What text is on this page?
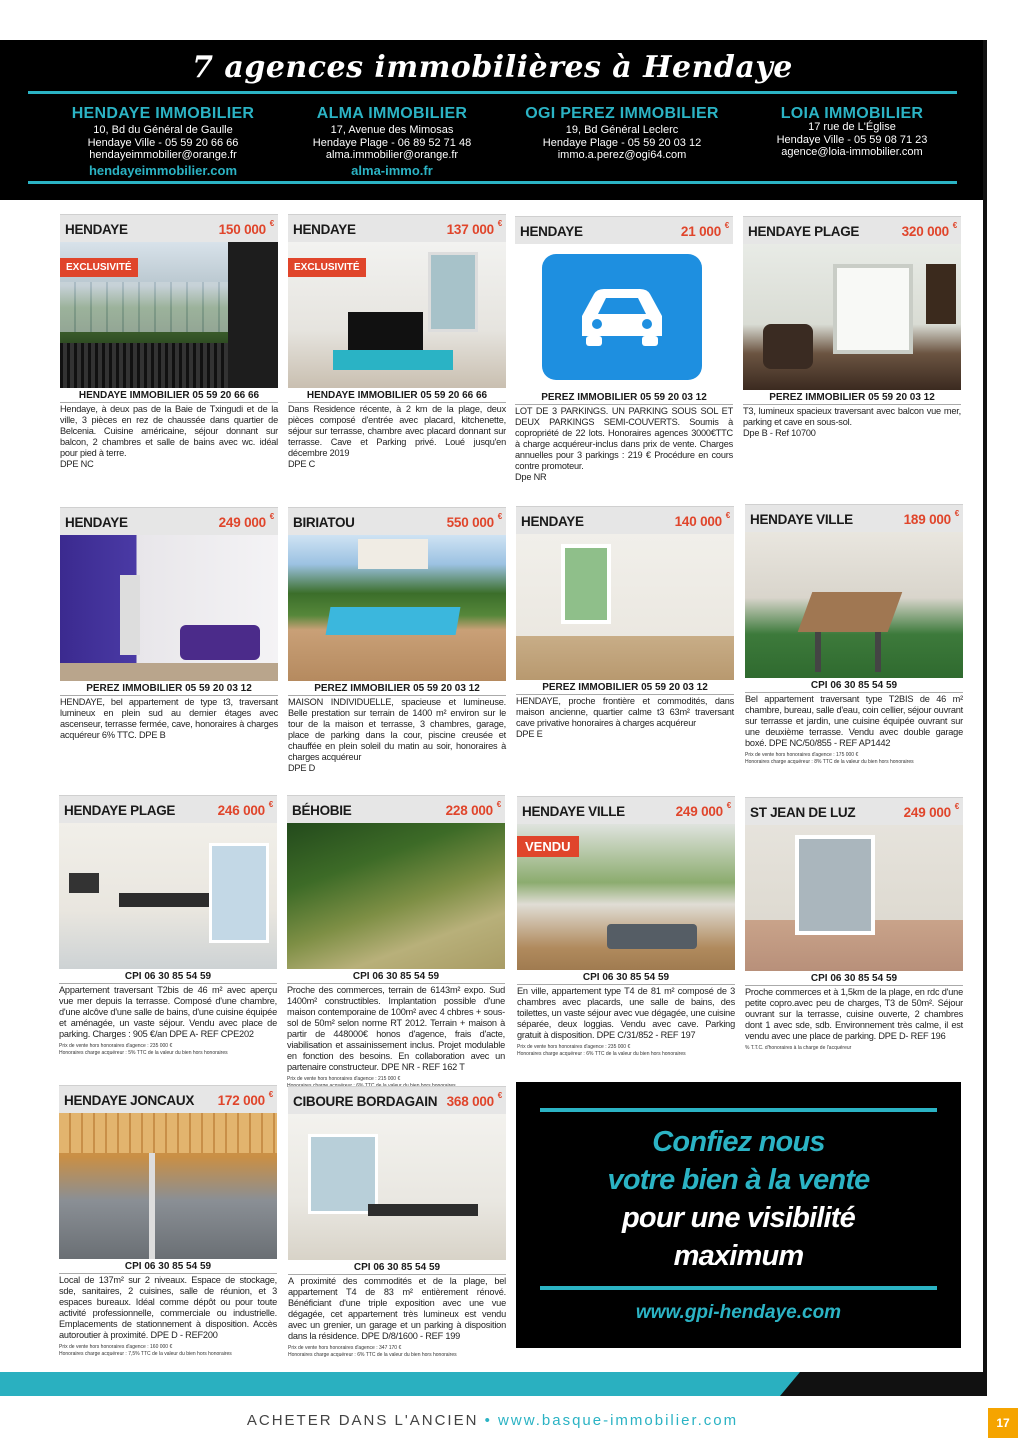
7 agences immobilières à Hendaye
HENDAYE IMMOBILIER
10, Bd du Général de Gaulle
Hendaye Ville - 05 59 20 66 66
hendayeimmobilier@orange.fr
hendayeimmobilier.com
ALMA IMMOBILIER
17, Avenue des Mimosas
Hendaye Plage - 06 89 52 71 48
alma.immobilier@orange.fr
alma-immo.fr
OGI PEREZ IMMOBILIER
19, Bd Général Leclerc
Hendaye Plage - 05 59 20 03 12
immo.a.perez@ogi64.com
LOIA IMMOBILIER
17 rue de L'Église
Hendaye Ville - 05 59 08 71 23
agence@loia-immobilier.com
HENDAYE	150 000 €
EXCLUSIVITÉ
HENDAYE IMMOBILIER 05 59 20 66 66
Hendaye, à deux pas de la Baie de Txingudi et de la ville, 3 pièces en rez de chaussée dans quartier de Belcenia. Cuisine américaine, séjour donnant sur balcon, 2 chambres et salle de bains avec wc. idéal pour pied à terre.
DPE NC
HENDAYE	137 000 €
EXCLUSIVITÉ
HENDAYE IMMOBILIER 05 59 20 66 66
Dans Residence récente, à 2 km de la plage, deux pièces composé d'entrée avec placard, kitchenette, séjour sur terrasse, chambre avec placard donnant sur terrasse. Cave et Parking privé. Loué jusqu'en décembre 2019
DPE C
HENDAYE	21 000 €
PEREZ IMMOBILIER 05 59 20 03 12
LOT DE 3 PARKINGS. UN PARKING SOUS SOL ET DEUX PARKINGS SEMI-COUVERTS. Soumis à copropriété de 22 lots. Honoraires agences 3000€TTC à charge acquéreur-inclus dans prix de vente. Charges annuelles pour 3 parkings : 219 € Procédure en cours contre promoteur.
Dpe NR
HENDAYE PLAGE	320 000 €
PEREZ IMMOBILIER 05 59 20 03 12
T3, lumineux spacieux traversant avec balcon vue mer, parking et cave en sous-sol.
Dpe B - Ref 10700
HENDAYE	249 000 €
PEREZ IMMOBILIER 05 59 20 03 12
HENDAYE, bel appartement de type t3, traversant lumineux en plein sud au dernier étages avec ascenseur, terrasse fermée, cave, honoraires à charges acquéreur 6% TTC. DPE B
BIRIATOU	550 000 €
PEREZ IMMOBILIER 05 59 20 03 12
MAISON INDIVIDUELLE, spacieuse et lumineuse. Belle prestation sur terrain de 1400 m² environ sur le tour de la maison et terrasse, 3 chambres, garage, place de parking dans la cour, piscine creusée et chauffée en plein soleil du matin au soir, honoraires à charges acquéreur
DPE D
HENDAYE	140 000 €
PEREZ IMMOBILIER 05 59 20 03 12
HENDAYE, proche frontière et commodités, dans maison ancienne, quartier calme t3 63m² traversant cave privative honoraires à charges acquéreur
DPE E
HENDAYE VILLE	189 000 €
CPI 06 30 85 54 59
Bel appartement traversant type T2BIS de 46 m² chambre, bureau, salle d'eau, coin cellier, séjour ouvrant sur terrasse et jardin, une cuisine équipée ouvrant sur une deuxième terrasse. Vendu avec double garage boxé. DPE NC/50/855 - REF AP1442
Prix de vente hors honoraires d'agence : 175 000 €
Honoraires charge acquéreur : 8% TTC de la valeur du bien hors honoraires
HENDAYE PLAGE	246 000 €
CPI 06 30 85 54 59
Appartement traversant T2bis de 46 m² avec aperçu vue mer depuis la terrasse. Composé d'une chambre, d'une alcôve d'une salle de bains, d'une cuisine équipée et aménagée, un vaste séjour. Vendu avec place de parking. Charges : 905 €/an DPE A- REF CPE202
Prix de vente hors honoraires d'agence : 235 000 €
Honoraires charge acquéreur : 5% TTC de la valeur du bien hors honoraires
BÉHOBIE	228 000 €
CPI 06 30 85 54 59
Proche des commerces, terrain de 6143m² expo. Sud 1400m² constructibles. Implantation possible d'une maison contemporaine de 100m² avec 4 chbres + sous-sol de 50m² selon norme RT 2012. Terrain + maison à partir de 448000€ honos d'agence, frais d'acte, viabilisation et assainissement inclus. Projet modulable en fonction des besoins. En collaboration avec un partenaire constructeur. DPE NR - REF 162 T
Prix de vente hors honoraires d'agence : 215 000 €
HENDAYE VILLE	249 000 €
VENDU
CPI 06 30 85 54 59
En ville, appartement type T4 de 81 m² composé de 3 chambres avec placards, une salle de bains, des toilettes, un vaste séjour avec vue dégagée, une cuisine séparée, deux loggias. Vendu avec cave. Parking gratuit à disposition. DPE C/31/852 - REF 197
Prix de vente hors honoraires d'agence : 235 000 €
Honoraires charge acquéreur : 6% TTC de la valeur du bien hors honoraires
ST JEAN DE LUZ	249 000 €
CPI 06 30 85 54 59
Proche commerces et à 1,5km de la plage, en rdc d'une petite copro.avec peu de charges, T3 de 50m². Séjour ouvrant sur la terrasse, cuisine ouverte, 2 chambres dont 1 avec sde, sdb. Environnement très calme, il est vendu avec une place de parking. DPE D- REF 196
% T.T.C. d'honoraires à la charge de l'acquéreur
HENDAYE JONCAUX 172 000 €
CPI 06 30 85 54 59
Local de 137m² sur 2 niveaux. Espace de stockage, sde, sanitaires, 2 cuisines, salle de réunion, et 3 espaces bureaux. Idéal comme dépôt ou pour toute activité professionnelle, commerciale ou industrielle. Emplacements de stationnement à disposition. Accès autoroutier à proximité. DPE D - REF200
Prix de vente hors honoraires d'agence : 160 000 €
Honoraires charge acquéreur : 7,5% TTC de la valeur du bien hors honoraires
CIBOURE BORDAGAIN 368 000 €
CPI 06 30 85 54 59
A proximité des commodités et de la plage, bel appartement T4 de 83 m² entièrement rénové. Bénéficiant d'une triple exposition avec une vue dégagée, cet appartement très lumineux est vendu avec un grenier, un garage et un parking à disposition dans la résidence. DPE D/8/1600 - REF 199
Prix de vente hors honoraires d'agence : 347 170 €
Honoraires charge acquéreur : 6% TTC de la valeur du bien hors honoraires
Confiez nous
votre bien à la vente
pour une visibilité
maximum
www.gpi-hendaye.com
ACHETER DANS L'ANCIEN • www.basque-immobilier.com	17
